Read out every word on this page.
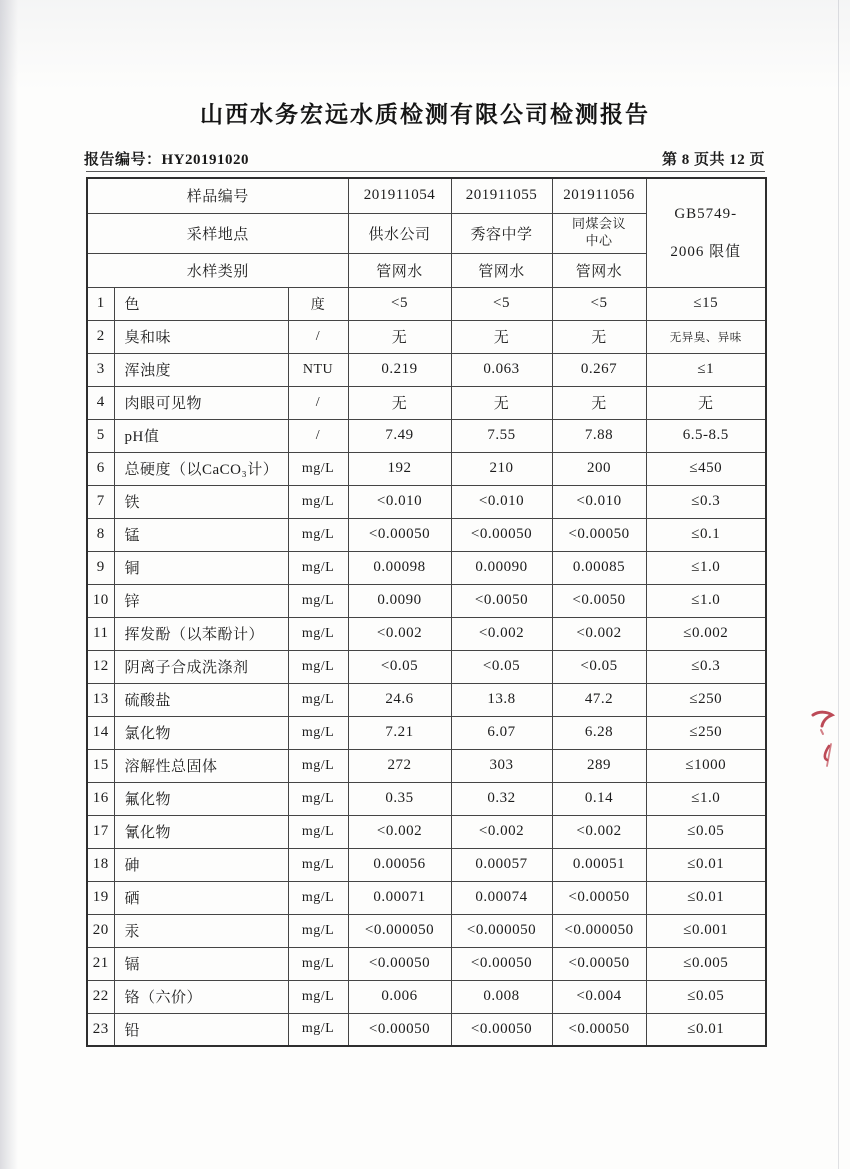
山西水务宏远水质检测有限公司检测报告
报告编号：HY20191020	第 8 页共 12 页
样品编号			201911054	201911055	201911056	GB5749-
2006 限值

采样地点			供水公司	秀容中学	同煤会议中心	
水样类别			管网水	管网水	管网水	
1	色	度	<5	<5	<5	≤15
2	臭和味	/	无	无	无	无异臭、异味
3	浑浊度	NTU	0.219	0.063	0.267	≤1
4	肉眼可见物	/	无	无	无	无
5	pH值	/	7.49	7.55	7.88	6.5-8.5
6	总硬度（以CaCO₃计）	mg/L	192	210	200	≤450
7	铁	mg/L	<0.010	<0.010	<0.010	≤0.3
8	锰	mg/L	<0.00050	<0.00050	<0.00050	≤0.1
9	铜	mg/L	0.00098	0.00090	0.00085	≤1.0
10	锌	mg/L	0.0090	<0.0050	<0.0050	≤1.0
11	挥发酚（以苯酚计）	mg/L	<0.002	<0.002	<0.002	≤0.002
12	阴离子合成洗涤剂	mg/L	<0.05	<0.05	<0.05	≤0.3
13	硫酸盐	mg/L	24.6	13.8	47.2	≤250
14	氯化物	mg/L	7.21	6.07	6.28	≤250
15	溶解性总固体	mg/L	272	303	289	≤1000
16	氟化物	mg/L	0.35	0.32	0.14	≤1.0
17	氰化物	mg/L	<0.002	<0.002	<0.002	≤0.05
18	砷	mg/L	0.00056	0.00057	0.00051	≤0.01
19	硒	mg/L	0.00071	0.00074	<0.00050	≤0.01
20	汞	mg/L	<0.000050	<0.000050	<0.000050	≤0.001
21	镉	mg/L	<0.00050	<0.00050	<0.00050	≤0.005
22	铬（六价）	mg/L	0.006	0.008	<0.004	≤0.05
23	铅	mg/L	<0.00050	<0.00050	<0.00050	≤0.01
